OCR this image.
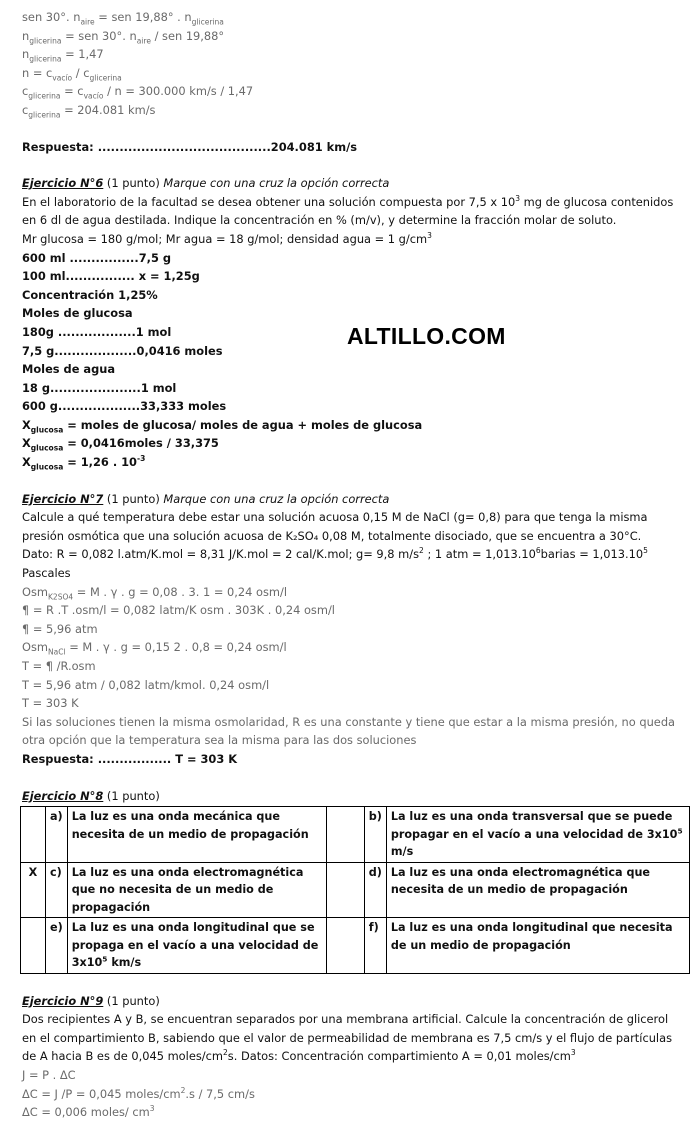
ALTILLO.COM
sen 30°. $n_{aire}$ = sen 19,88° . $n_{glicerina}$
$n_{glicerina}$ = sen 30°. $n_{aire}$ / sen 19,88°
$n_{glicerina} = 1,47$
$n = c_{vacío} / c_{glicerina}$
$c_{glicerina} = c_{vacío} / n = 300.000$ km/s / 1,47
$c_{glicerina} = 204.081$ km/s
Respuesta: ........................................204.081 km/s
Ejercicio N°6 (1 punto) Marque con una cruz la opción correcta
En el laboratorio de la facultad se desea obtener una solución compuesta por 7,5 x $10^3$ mg de glucosa contenidos
en 6 dl de agua destilada. Indique la concentración en % (m/v), y determine la fracción molar de soluto.
Mr glucosa = 180 g/mol; Mr agua = 18 g/mol; densidad agua = 1 $g/cm^3$
600 ml ................7,5 g
100 ml................ x = 1,25g
Concentración 1,25%
Moles de glucosa
180g ..................1 mol
7,5 g...................0,0416 moles
Moles de agua
18 g.....................1 mol
600 g...................33,333 moles
$X_{glucosa}$ = moles de glucosa/ moles de agua + moles de glucosa
$X_{glucosa}$ = 0,0416moles / 33,375
$X_{glucosa} = 1,26$ . $10^{-3}$
Ejercicio N°7 (1 punto) Marque con una cruz la opción correcta
Calcule a qué temperatura debe estar una solución acuosa 0,15 M de NaCl (g= 0,8) para que tenga la misma
presión osmótica que una solución acuosa de K₂SO₄ 0,08 M, totalmente disociado, que se encuentra a 30°C.
Dato: R = 0,082 l.atm/K.mol = 8,31 J/K.mol = 2 cal/K.mol; g= 9,8 $m/s^2$ ; 1 atm = $1,013.10^6barias = 1,013.10^5$
Pascales
Osm$_{K2SO4}$ = M . γ . g = 0,08 . 3. 1 = 0,24 osm/l
¶ = R .T .osm/l = 0,082 latm/K osm . 303K . 0,24 osm/l
¶ = 5,96 atm
Osm$_{NaCl}$ = M . γ . g = 0,15 2 . 0,8 = 0,24 osm/l
T = ¶ /R.osm
T = 5,96 atm / 0,082 latm/kmol. 0,24 osm/l
T = 303 K
Si las soluciones tienen la misma osmolaridad, R es una constante y tiene que estar a la misma presión, no queda
otra opción que la temperatura sea la misma para las dos soluciones
Respuesta: ................. T = 303 K
Ejercicio N°8 (1 punto)
	a)	La luz es una onda mecánica que necesita de un medio de propagación		b)	La luz es una onda transversal que se puede propagar en el vacío a una velocidad de $3x10^5$ m/s
X	c)	La luz es una onda electromagnética que no necesita de un medio de propagación		d)	La luz es una onda electromagnética que necesita de un medio de propagación
	e)	La luz es una onda longitudinal que se propaga en el vacío a una velocidad de $3x10^5$ km/s		f)	La luz es una onda longitudinal que necesita de un medio de propagación
Ejercicio N°9 (1 punto)
Dos recipientes A y B, se encuentran separados por una membrana artificial. Calcule la concentración de glicerol
en el compartimiento B, sabiendo que el valor de permeabilidad de membrana es 7,5 cm/s y el flujo de partículas
de A hacia B es de 0,045 moles/$cm^2s$. Datos: Concentración compartimiento A = 0,01 moles/$cm^3$
J = P . ΔC
ΔC = J /P = 0,045 moles/$cm^2.s / 7,5$ cm/s
ΔC = 0,006 moles/ $cm^3$
